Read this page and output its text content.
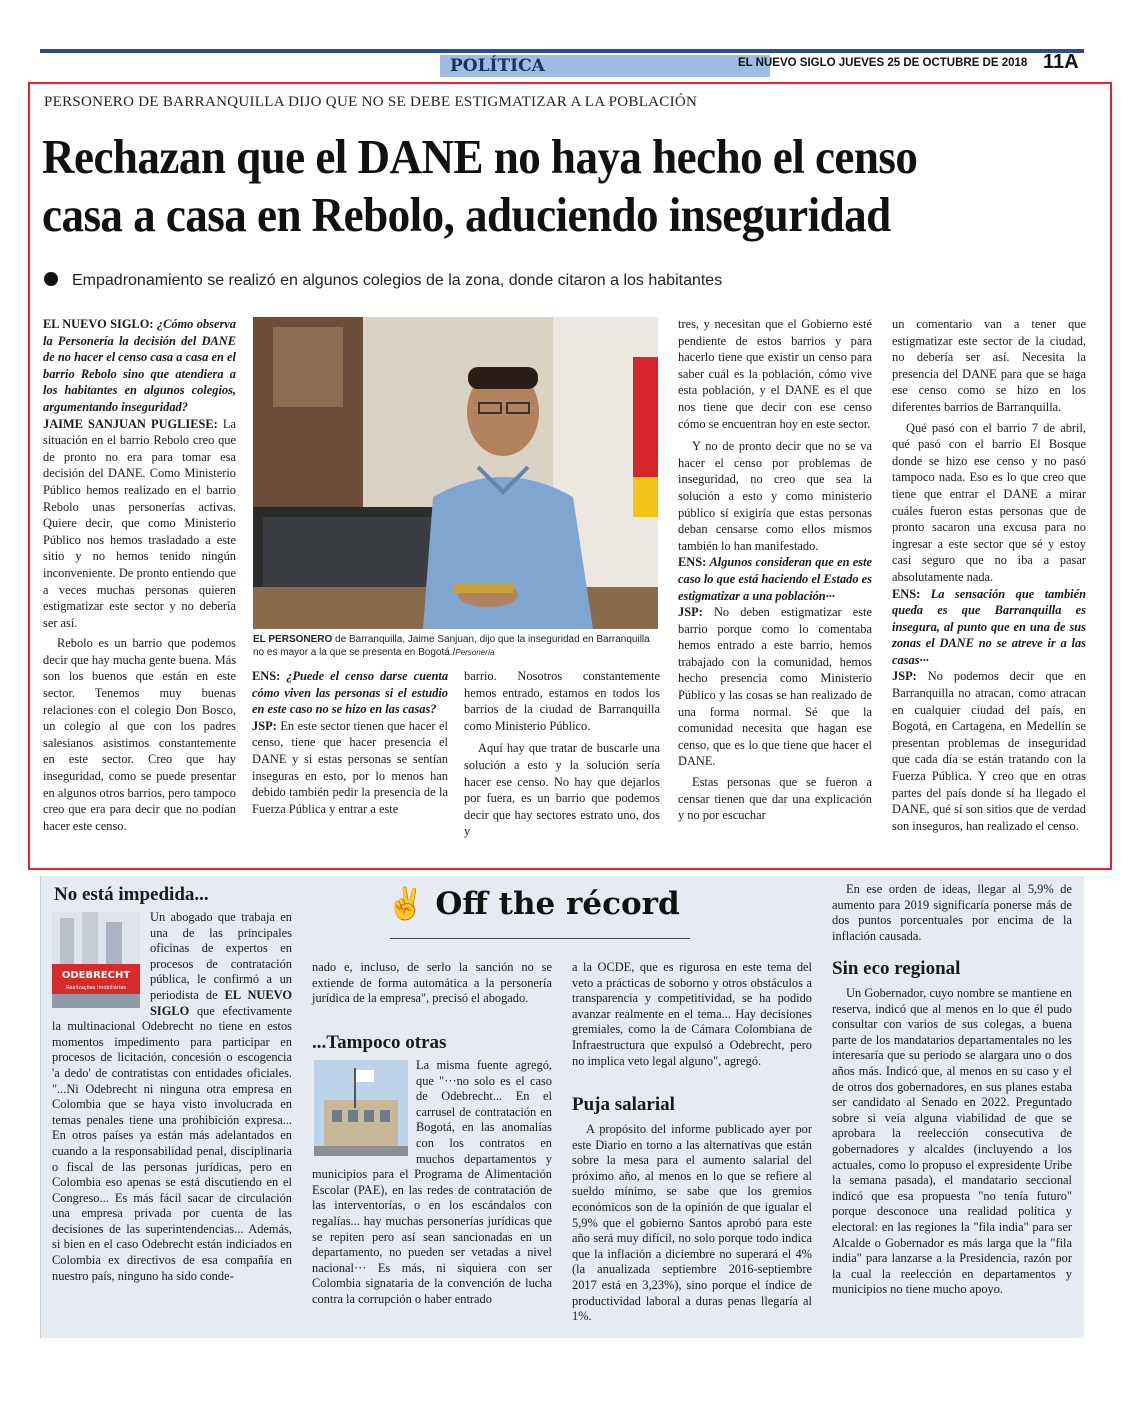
POLÍTICA	EL NUEVO SIGLO JUEVES 25 DE OCTUBRE DE 2018 11A
PERSONERO DE BARRANQUILLA DIJO QUE NO SE DEBE ESTIGMATIZAR A LA POBLACIÓN
Rechazan que el DANE no haya hecho el censo
casa a casa en Rebolo, aduciendo inseguridad
Empadronamiento se realizó en algunos colegios de la zona, donde citaron a los habitantes

EL NUEVO SIGLO: ¿Cómo observa la Personería la decisión del DANE de no hacer el censo casa a casa en el barrio Rebolo sino que atendiera a los habitantes en algunos colegios, argumentando inseguridad?

JAIME SANJUAN PUGLIESE: La situación en el barrio Rebolo creo que de pronto no era para tomar esa decisión del DANE. Como Ministerio Público hemos realizado en el barrio Rebolo unas personerías activas. Quiere decir, que como Ministerio Público nos hemos trasladado a este sitio y no hemos tenido ningún inconveniente. De pronto entiendo que a veces muchas personas quieren estigmatizar este sector y no debería ser así.

Rebolo es un barrio que podemos decir que hay mucha gente buena. Más son los buenos que están en este sector. Tenemos muy buenas relaciones con el colegio Don Bosco, un colegio al que con los padres salesianos asistimos constantemente en este sector. Creo que hay inseguridad, como se puede presentar en algunos otros barrios, pero tampoco creo que era para decir que no podían hacer este censo.

EL PERSONERO de Barranquilla, Jaime Sanjuan, dijo que la inseguridad en Barranquilla no es mayor a la que se presenta en Bogotá./Personería

ENS: ¿Puede el censo darse cuenta cómo viven las personas si el estudio en este caso no se hizo en las casas?

JSP: En este sector tienen que hacer el censo, tiene que hacer presencia el DANE y si estas personas se sentían inseguras en esto, por lo menos han debido también pedir la presencia de la Fuerza Pública y entrar a este

barrio. Nosotros constantemente hemos entrado, estamos en todos los barrios de la ciudad de Barranquilla como Ministerio Público.

Aquí hay que tratar de buscarle una solución a esto y la solución sería hacer ese censo. No hay que dejarlos por fuera, es un barrio que podemos decir que hay sectores estrato uno, dos y

tres, y necesitan que el Gobierno esté pendiente de estos barrios y para hacerlo tiene que existir un censo para saber cuál es la población, cómo vive esta población, y el DANE es el que nos tiene que decir con ese censo cómo se encuentran hoy en este sector.

Y no de pronto decir que no se va hacer el censo por problemas de inseguridad, no creo que sea la solución a esto y como ministerio público sí exigiría que estas personas deban censarse como ellos mismos también lo han manifestado.

ENS: Algunos consideran que en este caso lo que está haciendo el Estado es estigmatizar a una población···

JSP: No deben estigmatizar este barrio porque como lo comentaba hemos entrado a este barrio, hemos trabajado con la comunidad, hemos hecho presencia como Ministerio Público y las cosas se han realizado de una forma normal. Sé que la comunidad necesita que hagan ese censo, que es lo que tiene que hacer el DANE.

Estas personas que se fueron a censar tienen que dar una explicación y no por escuchar

un comentario van a tener que estigmatizar este sector de la ciudad, no debería ser así. Necesita la presencia del DANE para que se haga ese censo como se hizo en los diferentes barrios de Barranquilla.

Qué pasó con el barrio 7 de abril, qué pasó con el barrio El Bosque donde se hizo ese censo y no pasó tampoco nada. Eso es lo que creo que tiene que entrar el DANE a mirar cuáles fueron estas personas que de pronto sacaron una excusa para no ingresar a este sector que sé y estoy casi seguro que no iba a pasar absolutamente nada.

ENS: La sensación que también queda es que Barranquilla es insegura, al punto que en una de sus zonas el DANE no se atreve ir a las casas···

JSP: No podemos decir que en Barranquilla no atracan, como atracan en cualquier ciudad del país, en Bogotá, en Cartagena, en Medellín se presentan problemas de inseguridad que cada día se están tratando con la Fuerza Pública. Y creo que en otras partes del país donde sí ha llegado el DANE, qué sí son sitios que de verdad son inseguros, han realizado el censo.

✌ Off the récord
No está impedida...
ODEBRECHT
Realizações Imobiliárias
Un abogado que trabaja en una de las principales oficinas de expertos en procesos de contratación pública, le confirmó a un periodista de EL NUEVO SIGLO que efectivamente la multinacional Odebrecht no tiene en estos momentos impedimento para participar en procesos de licitación, concesión o escogencia 'a dedo' de contratistas con entidades oficiales. "...Ni Odebrecht ni ninguna otra empresa en Colombia que se haya visto involucrada en temas penales tiene una prohibición expresa... En otros países ya están más adelantados en cuando a la responsabilidad penal, disciplinaria o fiscal de las personas jurídicas, pero en Colombia eso apenas se está discutiendo en el Congreso... Es más fácil sacar de circulación una empresa privada por cuenta de las decisiones de las superintendencias... Además, si bien en el caso Odebrecht están indiciados en Colombia ex directivos de esa compañía en nuestro país, ninguno ha sido conde-
nado e, incluso, de serlo la sanción no se extiende de forma automática a la personería jurídica de la empresa", precisó el abogado.
...Tampoco otras
La misma fuente agregó, que "···no solo es el caso de Odebrecht... En el carrusel de contratación en Bogotá, en las anomalías con los contratos en muchos departamentos y municipios para el Programa de Alimentación Escolar (PAE), en las redes de contratación de las interventorías, o en los escándalos con regalías... hay muchas personerías jurídicas que se repiten pero así sean sancionadas en un departamento, no pueden ser vetadas a nivel nacional··· Es más, ni siquiera con ser Colombia signataria de la convención de lucha contra la corrupción o haber entrado
a la OCDE, que es rigurosa en este tema del veto a prácticas de soborno y otros obstáculos a transparencia y competitividad, se ha podido avanzar realmente en el tema... Hay decisiones gremiales, como la de Cámara Colombiana de Infraestructura que expulsó a Odebrecht, pero no implica veto legal alguno", agregó.
Puja salarial
A propósito del informe publicado ayer por este Diario en torno a las alternativas que están sobre la mesa para el aumento salarial del próximo año, al menos en lo que se refiere al sueldo mínimo, se sabe que los gremios económicos son de la opinión de que igualar el 5,9% que el gobierno Santos aprobó para este año será muy difícil, no solo porque todo indica que la inflación a diciembre no superará el 4% (la anualizada septiembre 2016-septiembre 2017 está en 3,23%), sino porque el índice de productividad laboral a duras penas llegaría al 1%.
En ese orden de ideas, llegar al 5,9% de aumento para 2019 significaría ponerse más de dos puntos porcentuales por encima de la inflación causada.
Sin eco regional
Un Gobernador, cuyo nombre se mantiene en reserva, indicó que al menos en lo que él pudo consultar con varios de sus colegas, a buena parte de los mandatarios departamentales no les interesaría que su periodo se alargara uno o dos años más. Indicó que, al menos en su caso y el de otros dos gobernadores, en sus planes estaba ser candidato al Senado en 2022. Preguntado sobre si veía alguna viabilidad de que se aprobara la reelección consecutiva de gobernadores y alcaldes (incluyendo a los actuales, como lo propuso el expresidente Uribe la semana pasada), el mandatario seccional indicó que esa propuesta "no tenía futuro" porque desconoce una realidad política y electoral: en las regiones la "fila india" para ser Alcalde o Gobernador es más larga que la "fila india" para lanzarse a la Presidencia, razón por la cual la reelección en departamentos y municipios no tiene mucho apoyo.
